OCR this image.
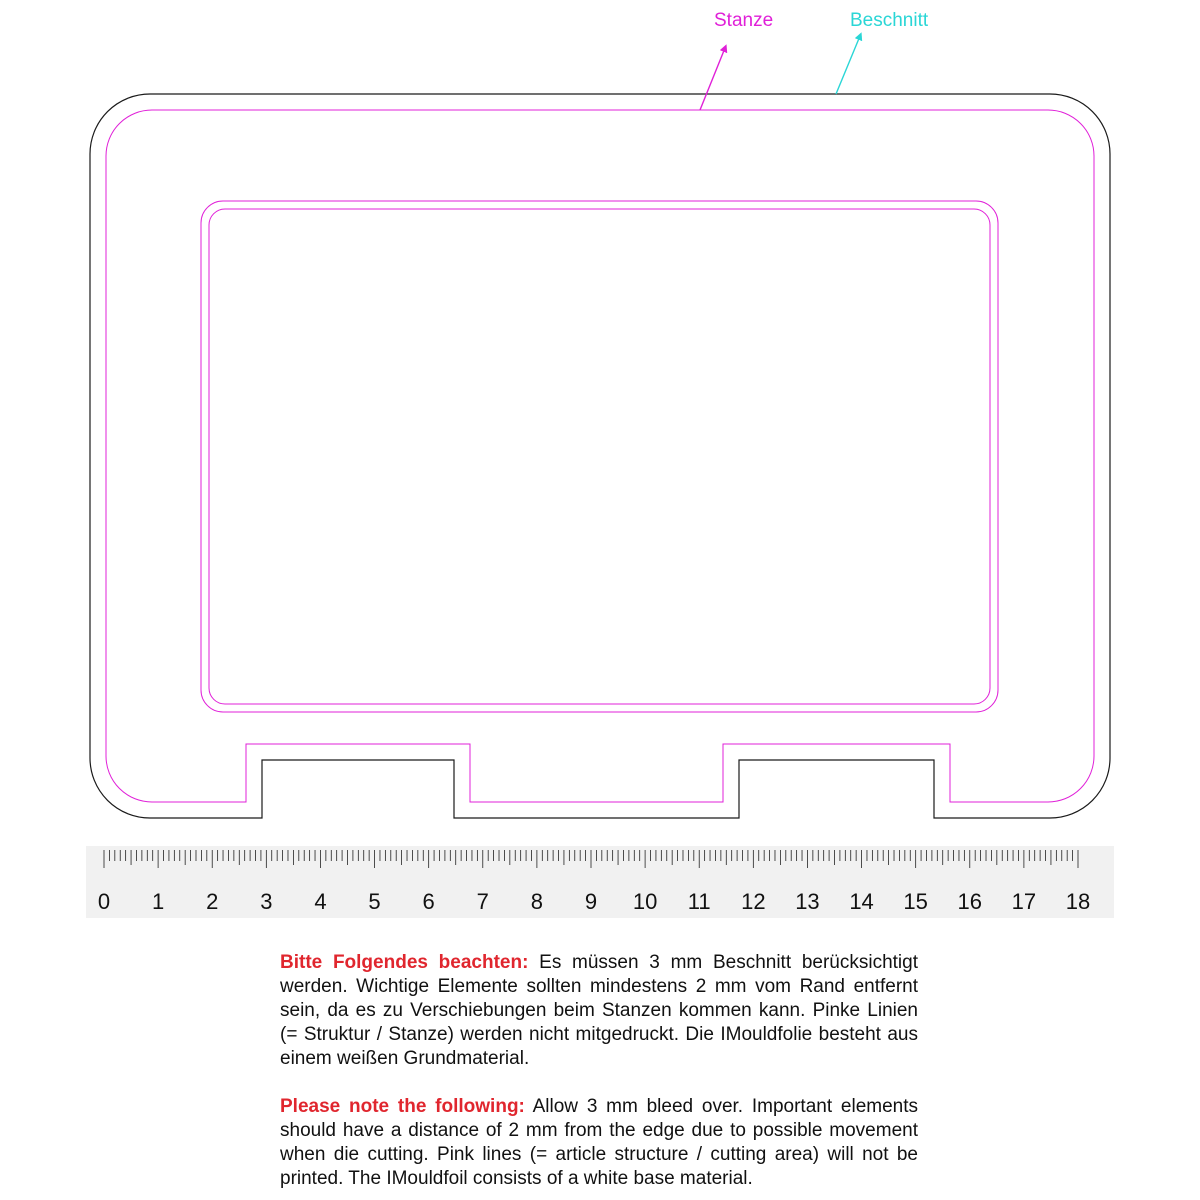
Stanze	Beschnitt
0 1 2 3 4 5 6 7 8 9 10 11 12 13 14 15 16 17 18

Bitte Folgendes beachten: Es müssen 3 mm Beschnitt berücksichtigt werden. Wichtige Elemente sollten mindestens 2 mm vom Rand entfernt sein, da es zu Verschiebungen beim Stanzen kommen kann. Pinke Linien (= Struktur / Stanze) werden nicht mitgedruckt. Die IMouldfolie besteht aus einem weißen Grundmaterial.

Please note the following: Allow 3 mm bleed over. Important elements should have a distance of 2 mm from the edge due to possible movement when die cutting. Pink lines (= article structure / cutting area) will not be printed. The IMouldfoil consists of a white base material.
